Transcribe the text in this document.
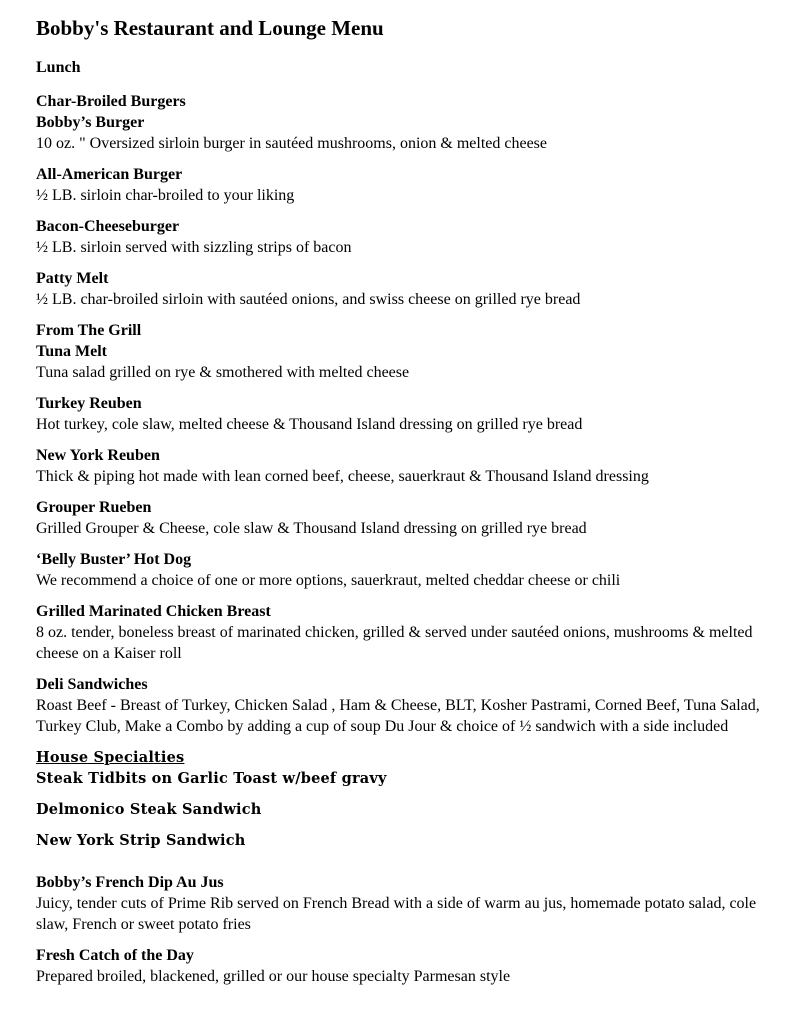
Bobby's Restaurant and Lounge Menu
Lunch
Char-Broiled Burgers
Bobby’s Burger
10 oz. " Oversized sirloin burger in sautéed mushrooms, onion & melted cheese
All-American Burger
½ LB. sirloin char-broiled to your liking
Bacon-Cheeseburger
½ LB. sirloin served with sizzling strips of bacon
Patty Melt
½ LB. char-broiled sirloin with sautéed onions, and swiss cheese on grilled rye bread
From The Grill
Tuna Melt
Tuna salad grilled on rye & smothered with melted cheese
Turkey Reuben
Hot turkey, cole slaw, melted cheese & Thousand Island dressing on grilled rye bread
New York Reuben
Thick & piping hot made with lean corned beef, cheese, sauerkraut & Thousand Island dressing
Grouper Rueben
Grilled Grouper & Cheese, cole slaw & Thousand Island dressing on grilled rye bread
‘Belly Buster’ Hot Dog
We recommend a choice of one or more options, sauerkraut, melted cheddar cheese or chili
Grilled Marinated Chicken Breast
8 oz. tender, boneless breast of marinated chicken, grilled & served under sautéed onions, mushrooms & melted cheese on a Kaiser roll
Deli Sandwiches
Roast Beef - Breast of Turkey, Chicken Salad , Ham & Cheese, BLT, Kosher Pastrami, Corned Beef, Tuna Salad, Turkey Club, Make a Combo by adding a cup of soup Du Jour & choice of ½ sandwich with a side included
House Specialties
Steak Tidbits on Garlic Toast w/beef gravy
Delmonico Steak Sandwich
New York Strip Sandwich
Bobby’s French Dip Au Jus
Juicy, tender cuts of Prime Rib served on French Bread with a side of warm au jus, homemade potato salad, cole slaw, French or sweet potato fries
Fresh Catch of the Day
Prepared broiled, blackened, grilled or our house specialty Parmesan style
